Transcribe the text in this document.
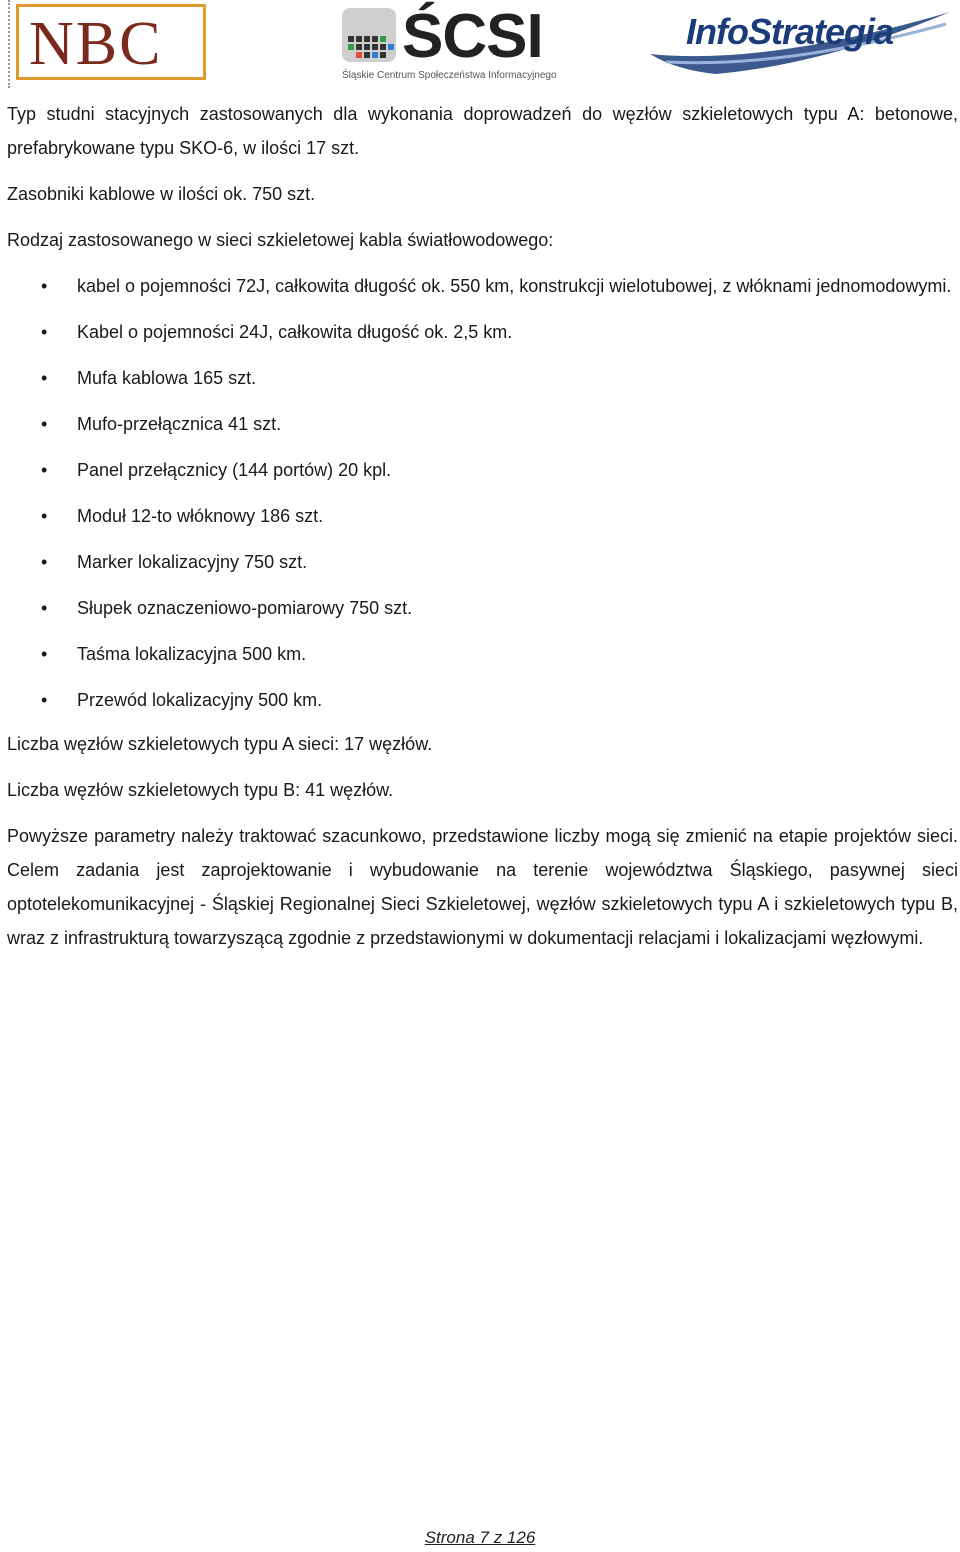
NBC	ŚCSI
Śląskie Centrum Społeczeństwa Informacyjnego
InfoStrategia

Typ studni stacyjnych zastosowanych dla wykonania doprowadzeń do węzłów szkieletowych typu A: betonowe, prefabrykowane typu SKO-6, w ilości 17 szt.

Zasobniki kablowe w ilości ok. 750 szt.

Rodzaj zastosowanego w sieci szkieletowej kabla światłowodowego:

• kabel o pojemności 72J, całkowita długość ok. 550 km, konstrukcji wielotubowej, z włóknami jednomodowymi.
• Kabel o pojemności 24J, całkowita długość ok. 2,5 km.
• Mufa kablowa 165 szt.
• Mufo-przełącznica 41 szt.
• Panel przełącznicy (144 portów) 20 kpl.
• Moduł 12-to włóknowy 186 szt.
• Marker lokalizacyjny 750 szt.
• Słupek oznaczeniowo-pomiarowy 750 szt.
• Taśma lokalizacyjna 500 km.
• Przewód lokalizacyjny 500 km.

Liczba węzłów szkieletowych typu A sieci: 17 węzłów.

Liczba węzłów szkieletowych typu B: 41 węzłów.

Powyższe parametry należy traktować szacunkowo, przedstawione liczby mogą się zmienić na etapie projektów sieci. Celem zadania jest zaprojektowanie i wybudowanie na terenie województwa Śląskiego, pasywnej sieci optotelekomunikacyjnej - Śląskiej Regionalnej Sieci Szkieletowej, węzłów szkieletowych typu A i szkieletowych typu B, wraz z infrastrukturą towarzyszącą zgodnie z przedstawionymi w dokumentacji relacjami i lokalizacjami węzłowymi.

Strona 7 z 126
